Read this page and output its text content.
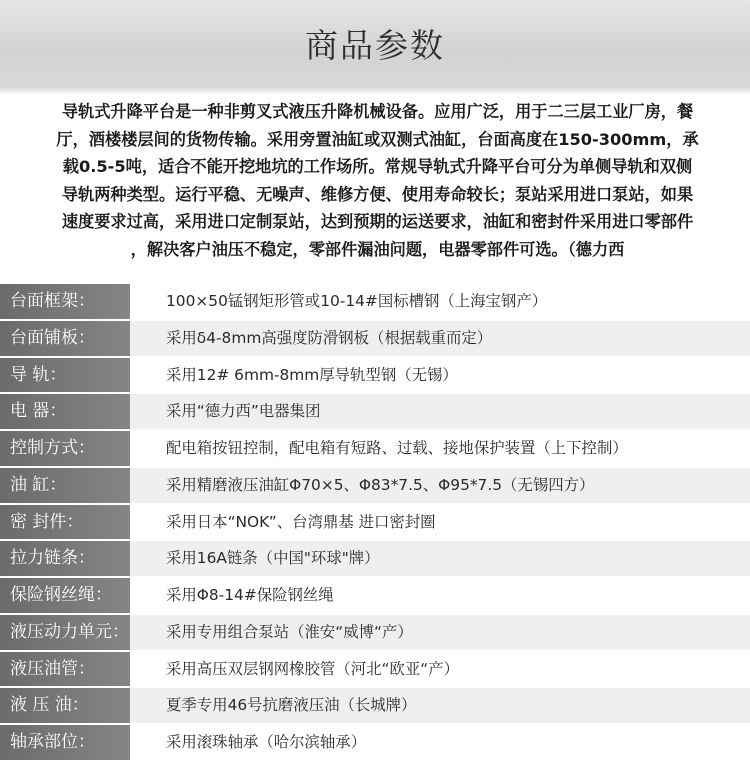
商品参数

导轨式升降平台是一种非剪叉式液压升降机械设备。应用广泛，用于二三层工业厂房，餐

厅，酒楼楼层间的货物传输。采用旁置油缸或双测式油缸，台面高度在150-300mm，承

载0.5-5吨，适合不能开挖地坑的工作场所。常规导轨式升降平台可分为单侧导轨和双侧

导轨两种类型。运行平稳、无噪声、维修方便、使用寿命较长；泵站采用进口泵站，如果

速度要求过高，采用进口定制泵站，达到预期的运送要求，油缸和密封件采用进口零部件

，解决客户油压不稳定，零部件漏油问题，电器零部件可选。（德力西

台面框架：	100×50锰钢矩形管或10-14#国标槽钢（上海宝钢产）
台面铺板：	采用δ4-8mm高强度防滑钢板（根据载重而定）
导 轨：	采用12# 6mm-8mm厚导轨型钢（无锡）
电 器：	采用“德力西”电器集团
控制方式：	配电箱按钮控制，配电箱有短路、过载、接地保护装置（上下控制）
油 缸：	采用精磨液压油缸Φ70×5、Φ83*7.5、Φ95*7.5（无锡四方）
密 封件：	采用日本“NOK”、台湾鼎基 进口密封圈
拉力链条：	采用16A链条（中国"环球"牌）
保险钢丝绳：	采用Φ8-14#保险钢丝绳
液压动力单元：	采用专用组合泵站（淮安“威博“产）
液压油管：	采用高压双层钢网橡胶管（河北“欧亚“产）
液 压 油：	夏季专用46号抗磨液压油（长城牌）
轴承部位：	采用滚珠轴承（哈尔滨轴承）
